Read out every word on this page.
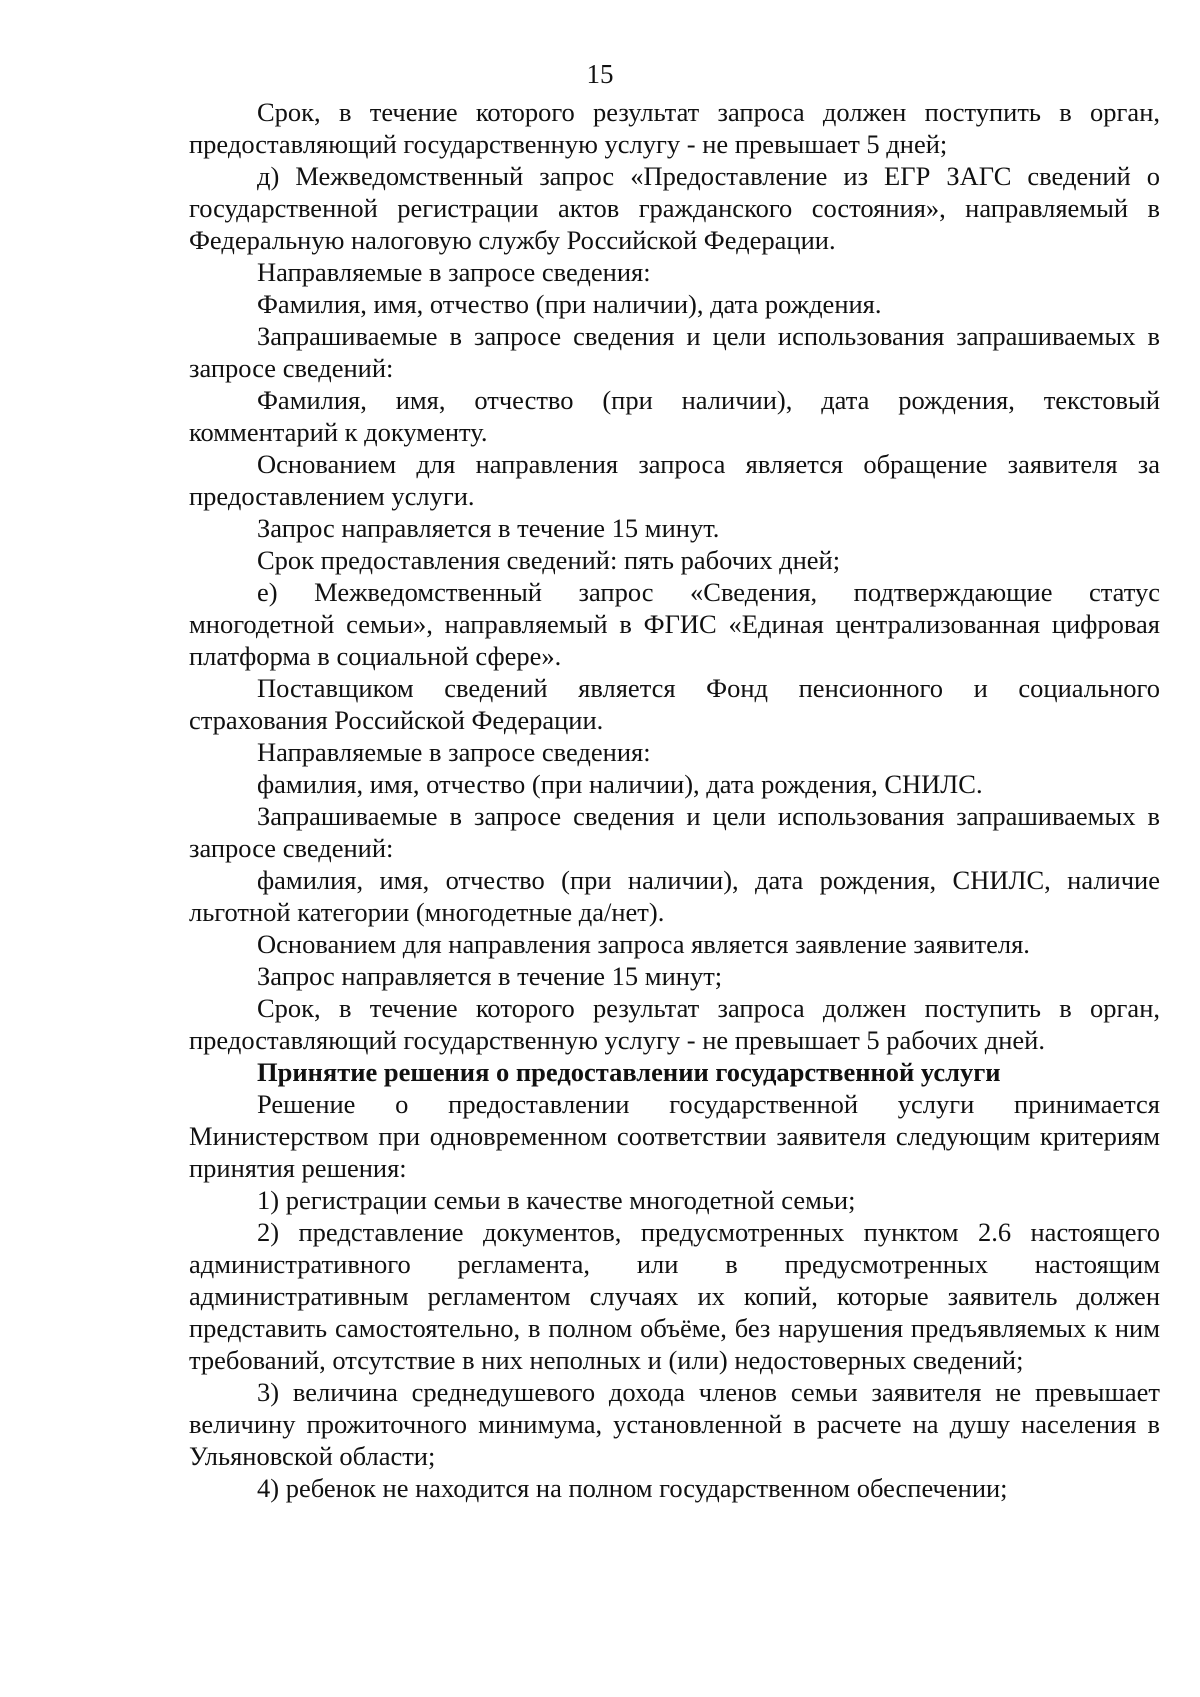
15

Срок, в течение которого результат запроса должен поступить в орган, предоставляющий государственную услугу - не превышает 5 дней;

д) Межведомственный запрос «Предоставление из ЕГР ЗАГС сведений о государственной регистрации актов гражданского состояния», направляемый в Федеральную налоговую службу Российской Федерации.

Направляемые в запросе сведения:

Фамилия, имя, отчество (при наличии), дата рождения.

Запрашиваемые в запросе сведения и цели использования запрашиваемых в запросе сведений:

Фамилия, имя, отчество (при наличии), дата рождения, текстовый комментарий к документу.

Основанием для направления запроса является обращение заявителя за предоставлением услуги.

Запрос направляется в течение 15 минут.

Срок предоставления сведений: пять рабочих дней;

е) Межведомственный запрос «Сведения, подтверждающие статус многодетной семьи», направляемый в ФГИС «Единая централизованная цифровая платформа в социальной сфере».

Поставщиком сведений является Фонд пенсионного и социального страхования Российской Федерации.

Направляемые в запросе сведения:

фамилия, имя, отчество (при наличии), дата рождения, СНИЛС.

Запрашиваемые в запросе сведения и цели использования запрашиваемых в запросе сведений:

фамилия, имя, отчество (при наличии), дата рождения, СНИЛС, наличие льготной категории (многодетные да/нет).

Основанием для направления запроса является заявление заявителя.

Запрос направляется в течение 15 минут;

Срок, в течение которого результат запроса должен поступить в орган, предоставляющий государственную услугу - не превышает 5 рабочих дней.

Принятие решения о предоставлении государственной услуги

Решение о предоставлении государственной услуги принимается Министерством при одновременном соответствии заявителя следующим критериям принятия решения:

1) регистрации семьи в качестве многодетной семьи;

2) представление документов, предусмотренных пунктом 2.6 настоящего административного регламента, или в предусмотренных настоящим административным регламентом случаях их копий, которые заявитель должен представить самостоятельно, в полном объёме, без нарушения предъявляемых к ним требований, отсутствие в них неполных и (или) недостоверных сведений;

3) величина среднедушевого дохода членов семьи заявителя не превышает величину прожиточного минимума, установленной в расчете на душу населения в Ульяновской области;

4) ребенок не находится на полном государственном обеспечении;
